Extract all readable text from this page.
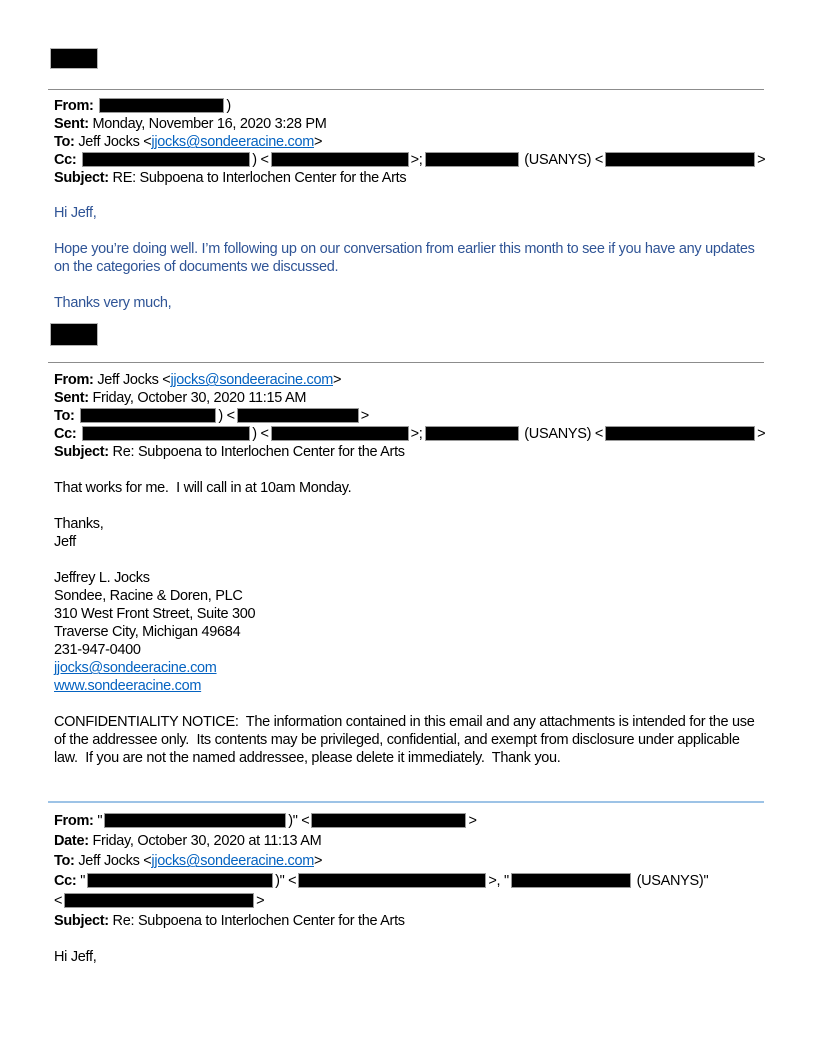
From:	)
Sent: Monday, November 16, 2020 3:28 PM
To: Jeff Jocks <jjocks@sondeeracine.com>
Cc:	) <	>;	(USANYS) <	>
Subject: RE: Subpoena to Interlochen Center for the Arts
Hi Jeff,
Hope you’re doing well. I’m following up on our conversation from earlier this month to see if you have any updates on the categories of documents we discussed.
Thanks very much,
From: Jeff Jocks <jjocks@sondeeracine.com>
Sent: Friday, October 30, 2020 11:15 AM
To:	) <	>
Cc:	) <	>;	(USANYS) <	>
Subject: Re: Subpoena to Interlochen Center for the Arts
That works for me.  I will call in at 10am Monday.
Thanks,
Jeff
Jeffrey L. Jocks
Sondee, Racine & Doren, PLC
310 West Front Street, Suite 300
Traverse City, Michigan 49684
231-947-0400
jjocks@sondeeracine.com
www.sondeeracine.com
CONFIDENTIALITY NOTICE:  The information contained in this email and any attachments is intended for the use of the addressee only.  Its contents may be privileged, confidential, and exempt from disclosure under applicable law.  If you are not the named addressee, please delete it immediately.  Thank you.
From: "	)" <	>
Date: Friday, October 30, 2020 at 11:13 AM
To: Jeff Jocks <jjocks@sondeeracine.com>
Cc: "	)" <	>, "	(USANYS)"
<	>
Subject: Re: Subpoena to Interlochen Center for the Arts
Hi Jeff,
